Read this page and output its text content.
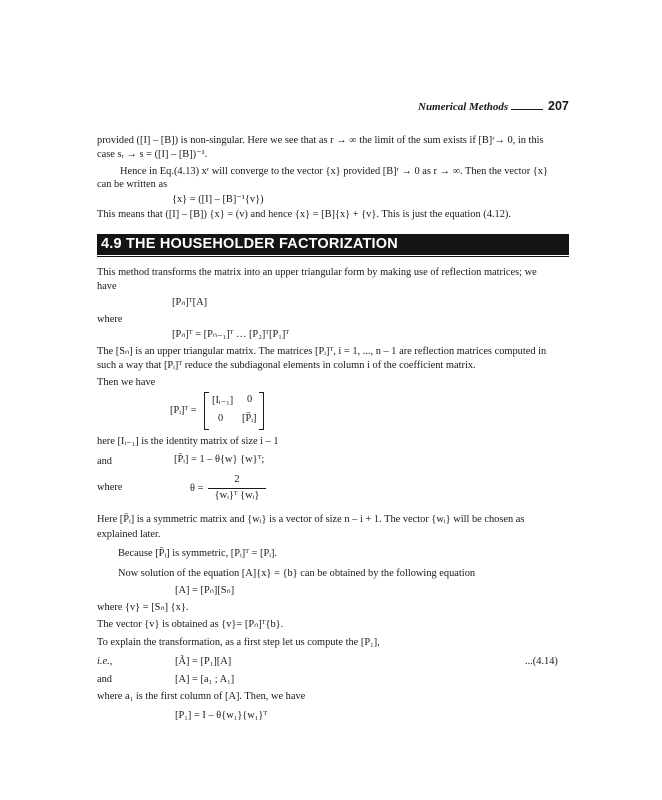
Numerical Methods	207
provided ([I] – [B]) is non-singular. Here we see that as r → ∞ the limit of the sum exists if [B]ʳ→ 0, in this
case sᵣ → s = ([I] – [B])⁻¹.
Hence in Eq.(4.13) xʳ will converge to the vector {x} provided [B]ʳ → 0 as r → ∞. Then the vector {x}
can be written as
{x} = ([I] – [B]⁻¹{v})
This means that ([I] – [B]) {x} = (v) and hence {x} = [B]{x} + {v}. This is just the equation (4.12).
4.9 THE HOUSEHOLDER FACTORIZATION
This method transforms the matrix into an upper triangular form by making use of reflection matrices; we
have
[Pₙ]ᵀ[A]
where
[Pₙ]ᵀ = [Pₙ₋₁]ᵀ … [P₂]ᵀ[P₁]ᵀ
The [Sₙ] is an upper triangular matrix. The matrices [Pᵢ]ᵀ, i = 1, ..., n – 1 are reflection matrices computed in
such a way that [Pᵢ]ᵀ reduce the subdiagonal elements in column i of the coefficient matrix.
Then we have
[Pᵢ]ᵀ =
[Iᵢ₋₁] 0
0 [P̄ᵢ]
here [Iᵢ₋₁] is the identity matrix of size i – 1
and	[P̄ᵢ] = 1 – θ{w} {w}ᵀ;
where	θ =
2
{wᵢ}ᵀ {wᵢ}
Here [P̄ᵢ] is a symmetric matrix and {wᵢ} is a vector of size n – i + 1. The vector {wᵢ} will be chosen as
explained later.
Because [P̄ᵢ] is symmetric, [Pᵢ]ᵀ = [Pᵢ].
Now solution of the equation [A]{x} = {b} can be obtained by the following equation
[A] = [Pₙ][Sₙ]
where {v} = [Sₙ] {x}.
The vector {v} is obtained as {v}= [Pₙ]ᵀ{b}.
To explain the transformation, as a first step let us compute the [P₁],
i.e.,	[Ã] = [P₁][A]	...(4.14)
and	[A] = [a₁ ; A₁]
where a₁ is the first column of [A]. Then, we have
[P₁] = I – θ{w₁}{w₁}ᵀ
